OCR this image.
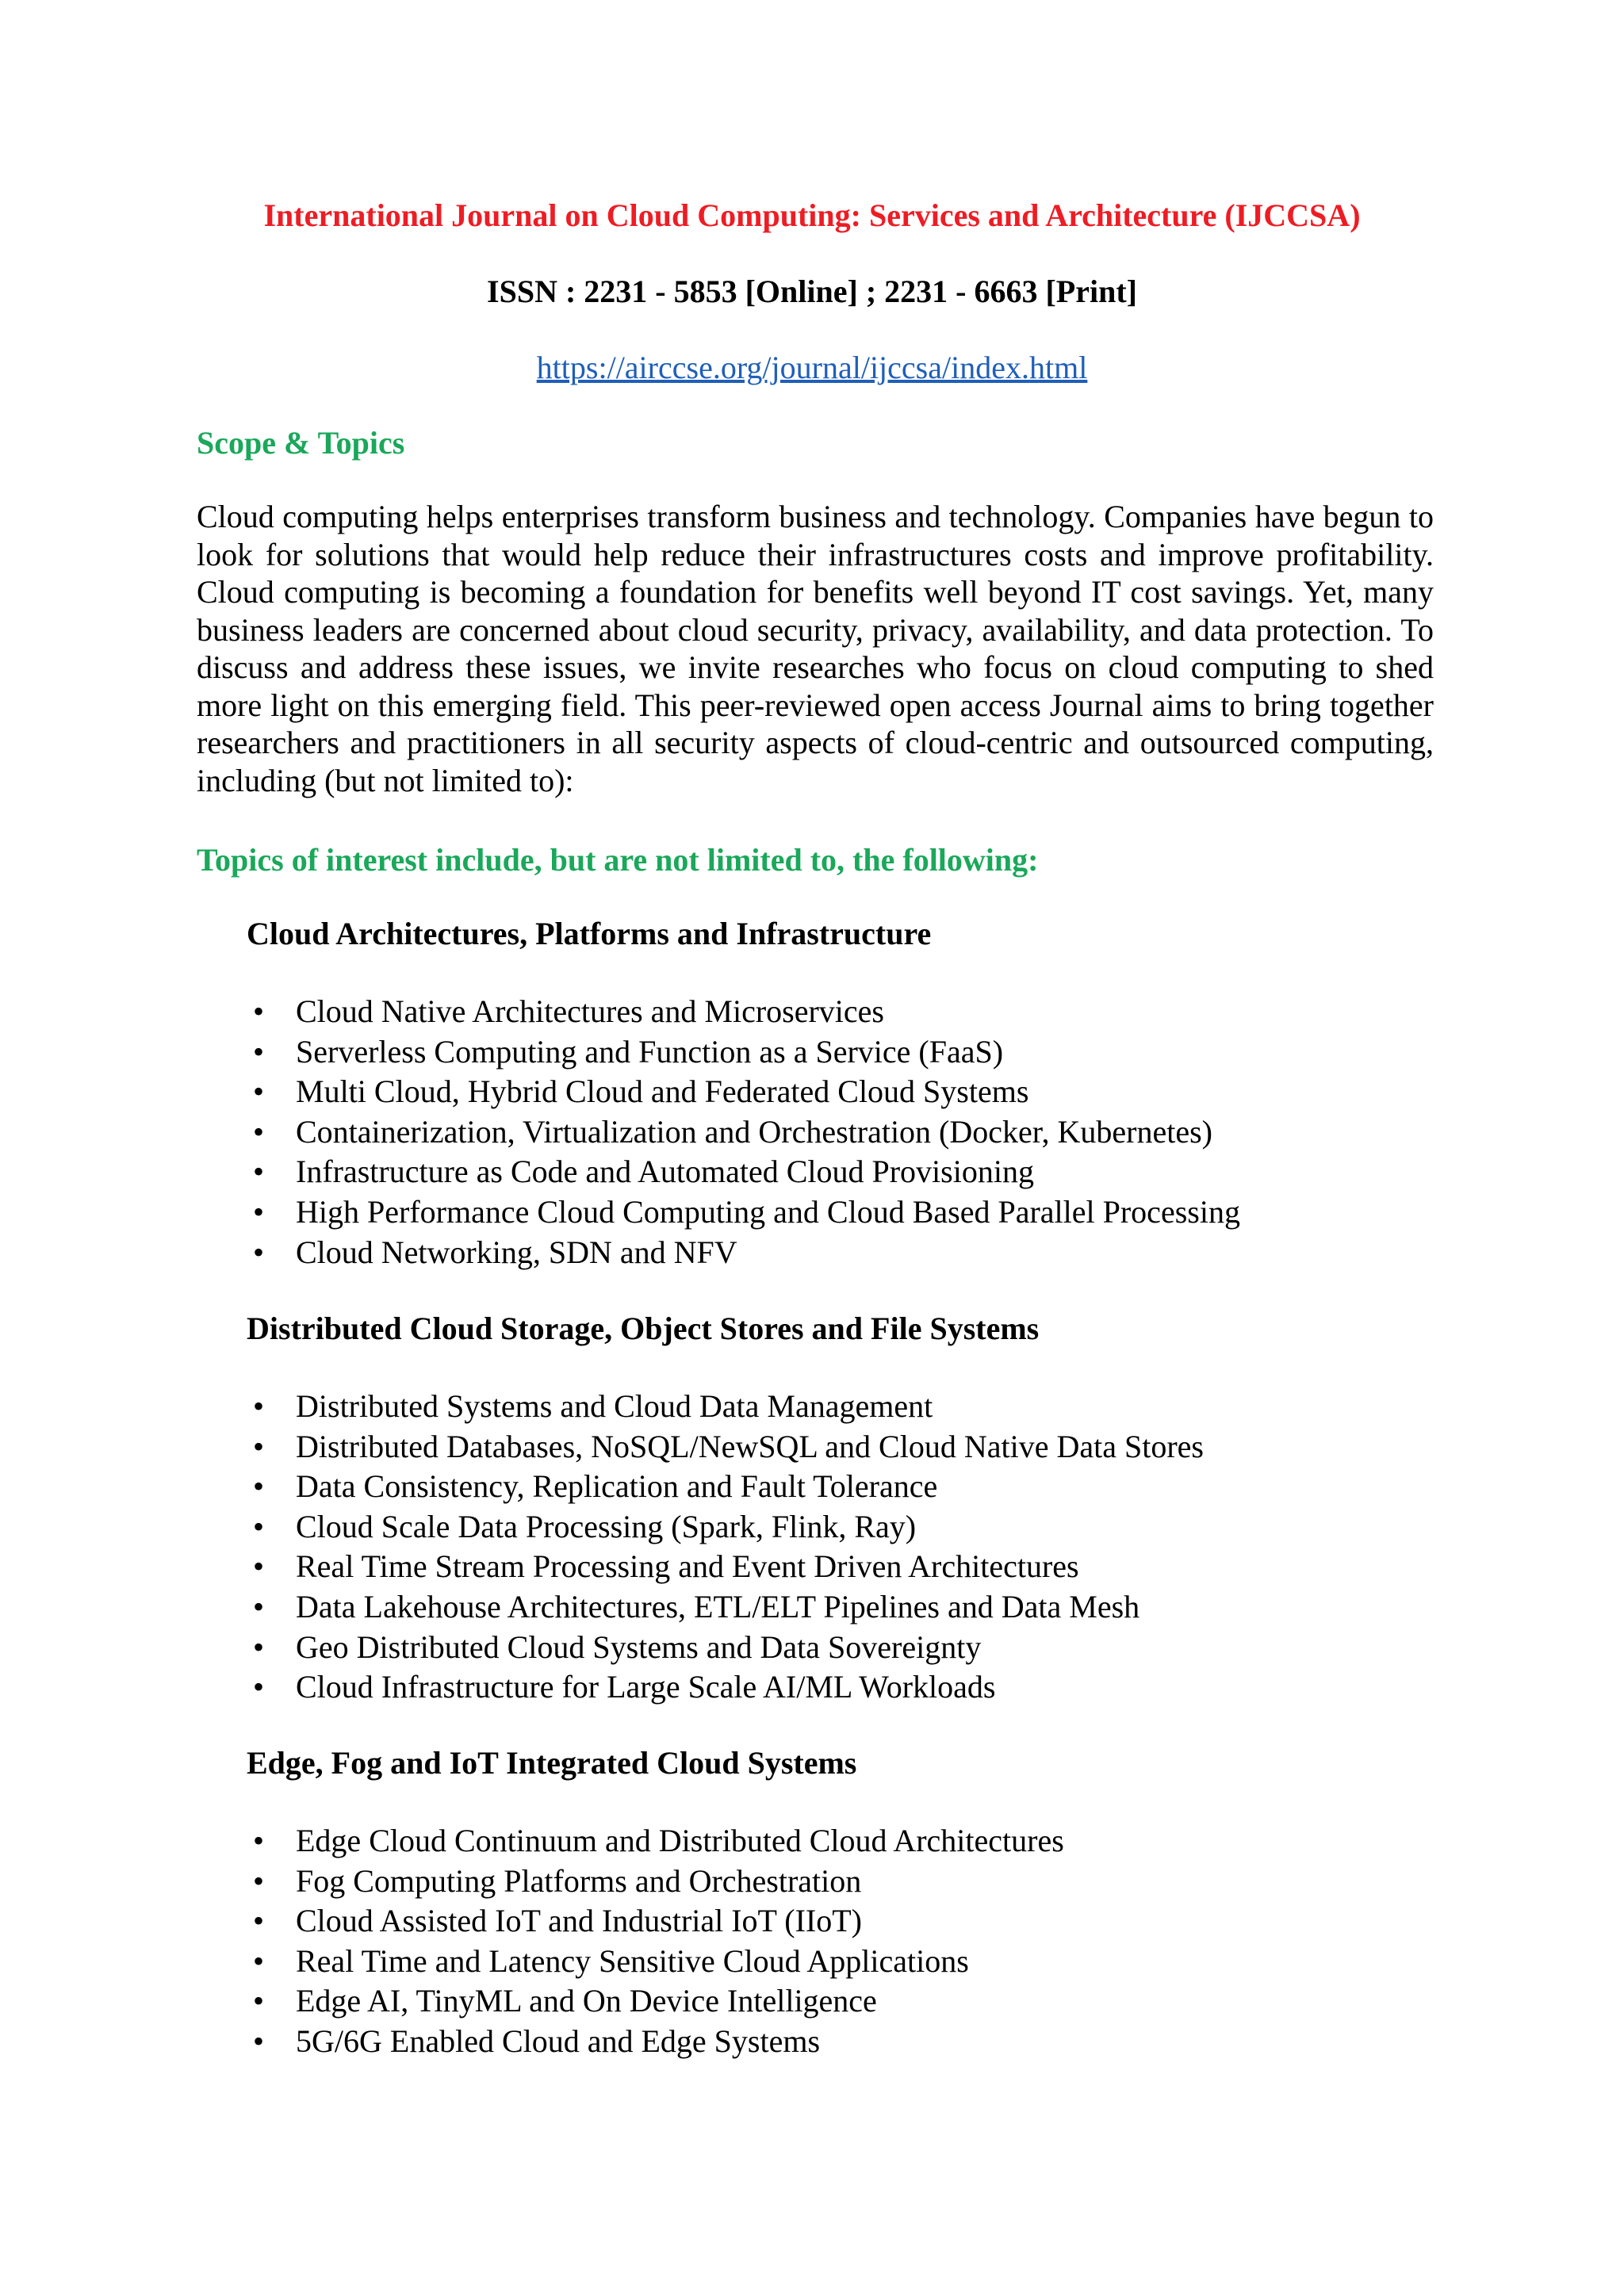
International Journal on Cloud Computing: Services and Architecture (IJCCSA)

ISSN : 2231 - 5853 [Online] ; 2231 - 6663 [Print]

https://airccse.org/journal/ijccsa/index.html

Scope & Topics

Cloud computing helps enterprises transform business and technology. Companies have begun to look for solutions that would help reduce their infrastructures costs and improve profitability. Cloud computing is becoming a foundation for benefits well beyond IT cost savings. Yet, many business leaders are concerned about cloud security, privacy, availability, and data protection. To discuss and address these issues, we invite researches who focus on cloud computing to shed more light on this emerging field. This peer-reviewed open access Journal aims to bring together researchers and practitioners in all security aspects of cloud-centric and outsourced computing, including (but not limited to):

Topics of interest include, but are not limited to, the following:
Cloud Architectures, Platforms and Infrastructure
• Cloud Native Architectures and Microservices
• Serverless Computing and Function as a Service (FaaS)
• Multi Cloud, Hybrid Cloud and Federated Cloud Systems
• Containerization, Virtualization and Orchestration (Docker, Kubernetes)
• Infrastructure as Code and Automated Cloud Provisioning
• High Performance Cloud Computing and Cloud Based Parallel Processing
• Cloud Networking, SDN and NFV
Distributed Cloud Storage, Object Stores and File Systems
• Distributed Systems and Cloud Data Management
• Distributed Databases, NoSQL/NewSQL and Cloud Native Data Stores
• Data Consistency, Replication and Fault Tolerance
• Cloud Scale Data Processing (Spark, Flink, Ray)
• Real Time Stream Processing and Event Driven Architectures
• Data Lakehouse Architectures, ETL/ELT Pipelines and Data Mesh
• Geo Distributed Cloud Systems and Data Sovereignty
• Cloud Infrastructure for Large Scale AI/ML Workloads
Edge, Fog and IoT Integrated Cloud Systems
• Edge Cloud Continuum and Distributed Cloud Architectures
• Fog Computing Platforms and Orchestration
• Cloud Assisted IoT and Industrial IoT (IIoT)
• Real Time and Latency Sensitive Cloud Applications
• Edge AI, TinyML and On Device Intelligence
• 5G/6G Enabled Cloud and Edge Systems
